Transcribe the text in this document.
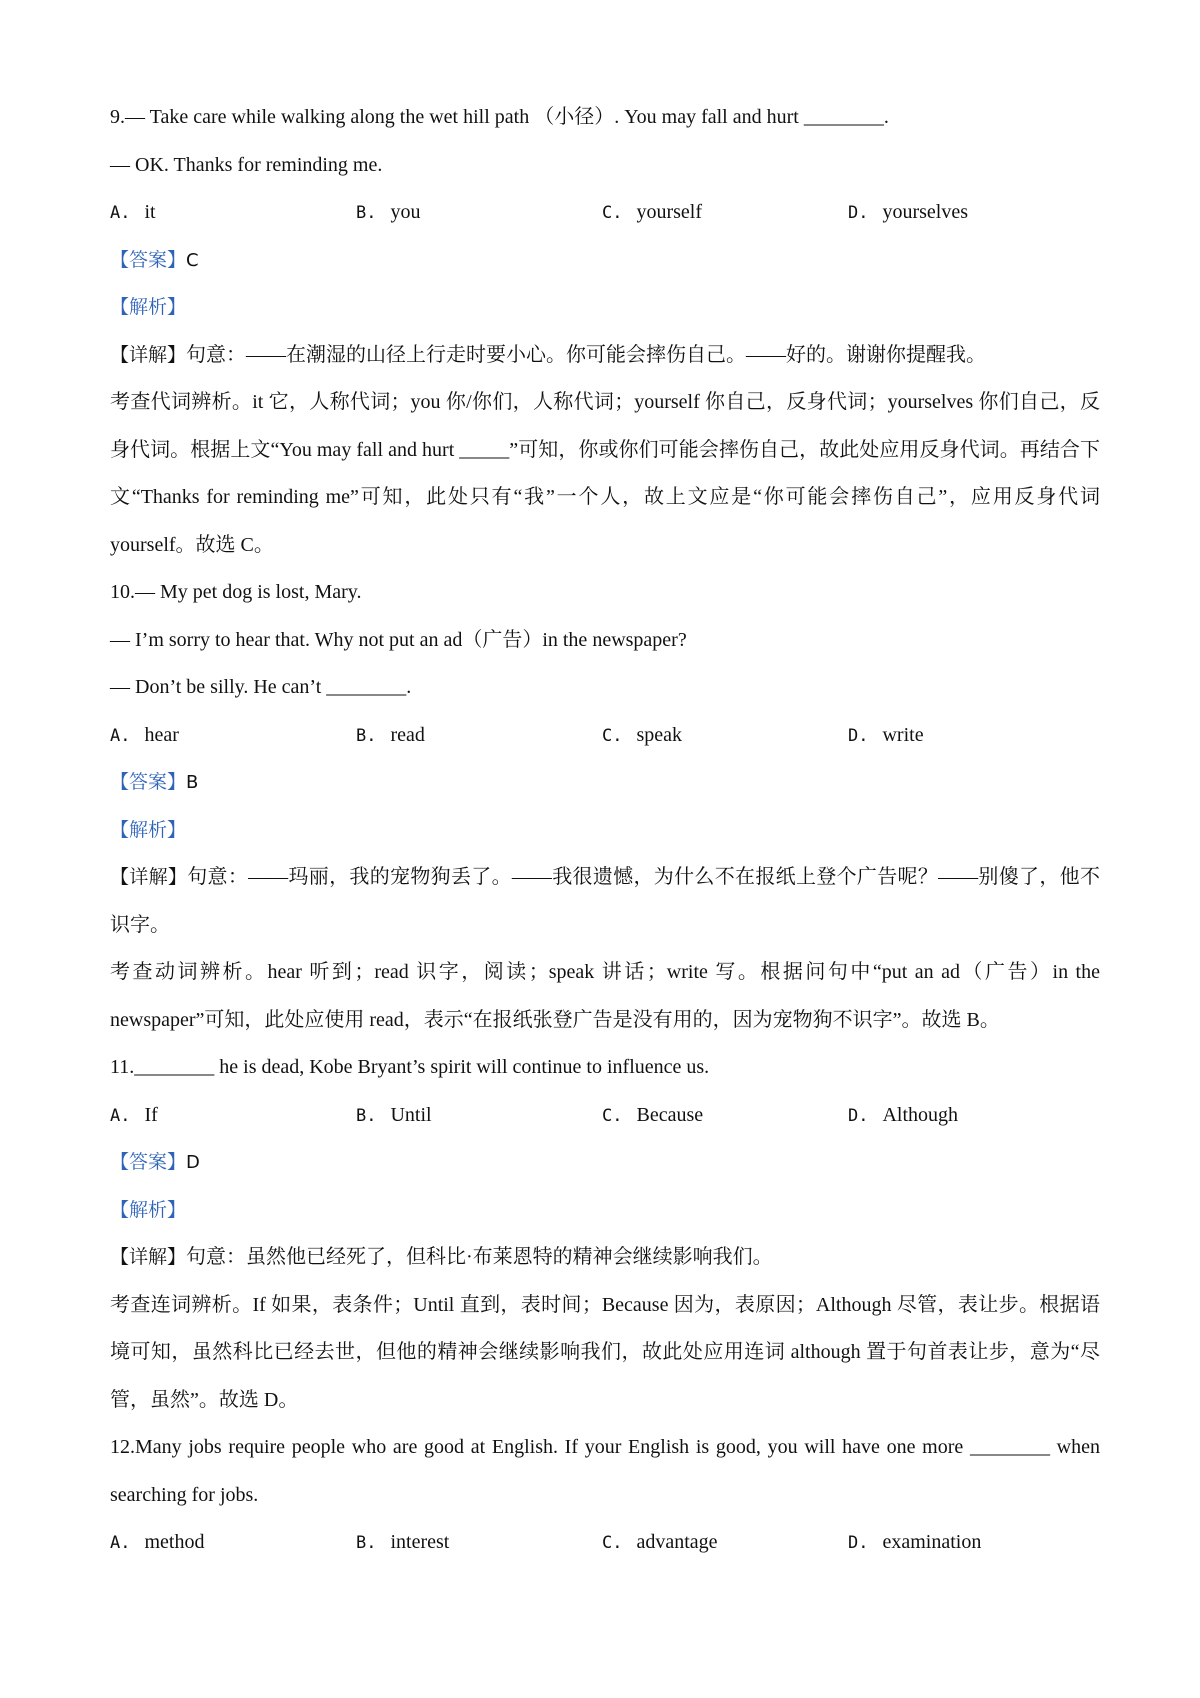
9.— Take care while walking along the wet hill path （小径）. You may fall and hurt ________.
— OK. Thanks for reminding me.
A. it	B. you	C. yourself	D. yourselves
【答案】C
【解析】
【详解】句意：——在潮湿的山径上行走时要小心。你可能会摔伤自己。——好的。谢谢你提醒我。
考查代词辨析。it 它，人称代词；you 你/你们，人称代词；yourself 你自己，反身代词；yourselves 你们自己，反身代词。根据上文“You may fall and hurt _____”可知，你或你们可能会摔伤自己，故此处应用反身代词。再结合下文“Thanks for reminding me”可知，此处只有“我”一个人，故上文应是“你可能会摔伤自己”，应用反身代词 yourself。故选 C。
10.— My pet dog is lost, Mary.
— I’m sorry to hear that. Why not put an ad（广告）in the newspaper?
— Don’t be silly. He can’t ________.
A. hear	B. read	C. speak	D. write
【答案】B
【解析】
【详解】句意：——玛丽，我的宠物狗丢了。——我很遗憾，为什么不在报纸上登个广告呢？——别傻了，他不识字。
考查动词辨析。hear 听到；read 识字，阅读；speak 讲话；write 写。根据问句中“put an ad（广告）in the newspaper”可知，此处应使用 read，表示“在报纸张登广告是没有用的，因为宠物狗不识字”。故选 B。
11.________ he is dead, Kobe Bryant’s spirit will continue to influence us.
A. If	B. Until	C. Because	D. Although
【答案】D
【解析】
【详解】句意：虽然他已经死了，但科比·布莱恩特的精神会继续影响我们。
考查连词辨析。If 如果，表条件；Until 直到，表时间；Because 因为，表原因；Although 尽管，表让步。根据语境可知，虽然科比已经去世，但他的精神会继续影响我们，故此处应用连词 although 置于句首表让步，意为“尽管，虽然”。故选 D。
12.Many jobs require people who are good at English. If your English is good, you will have one more ________ when searching for jobs.
A. method	B. interest	C. advantage	D. examination
